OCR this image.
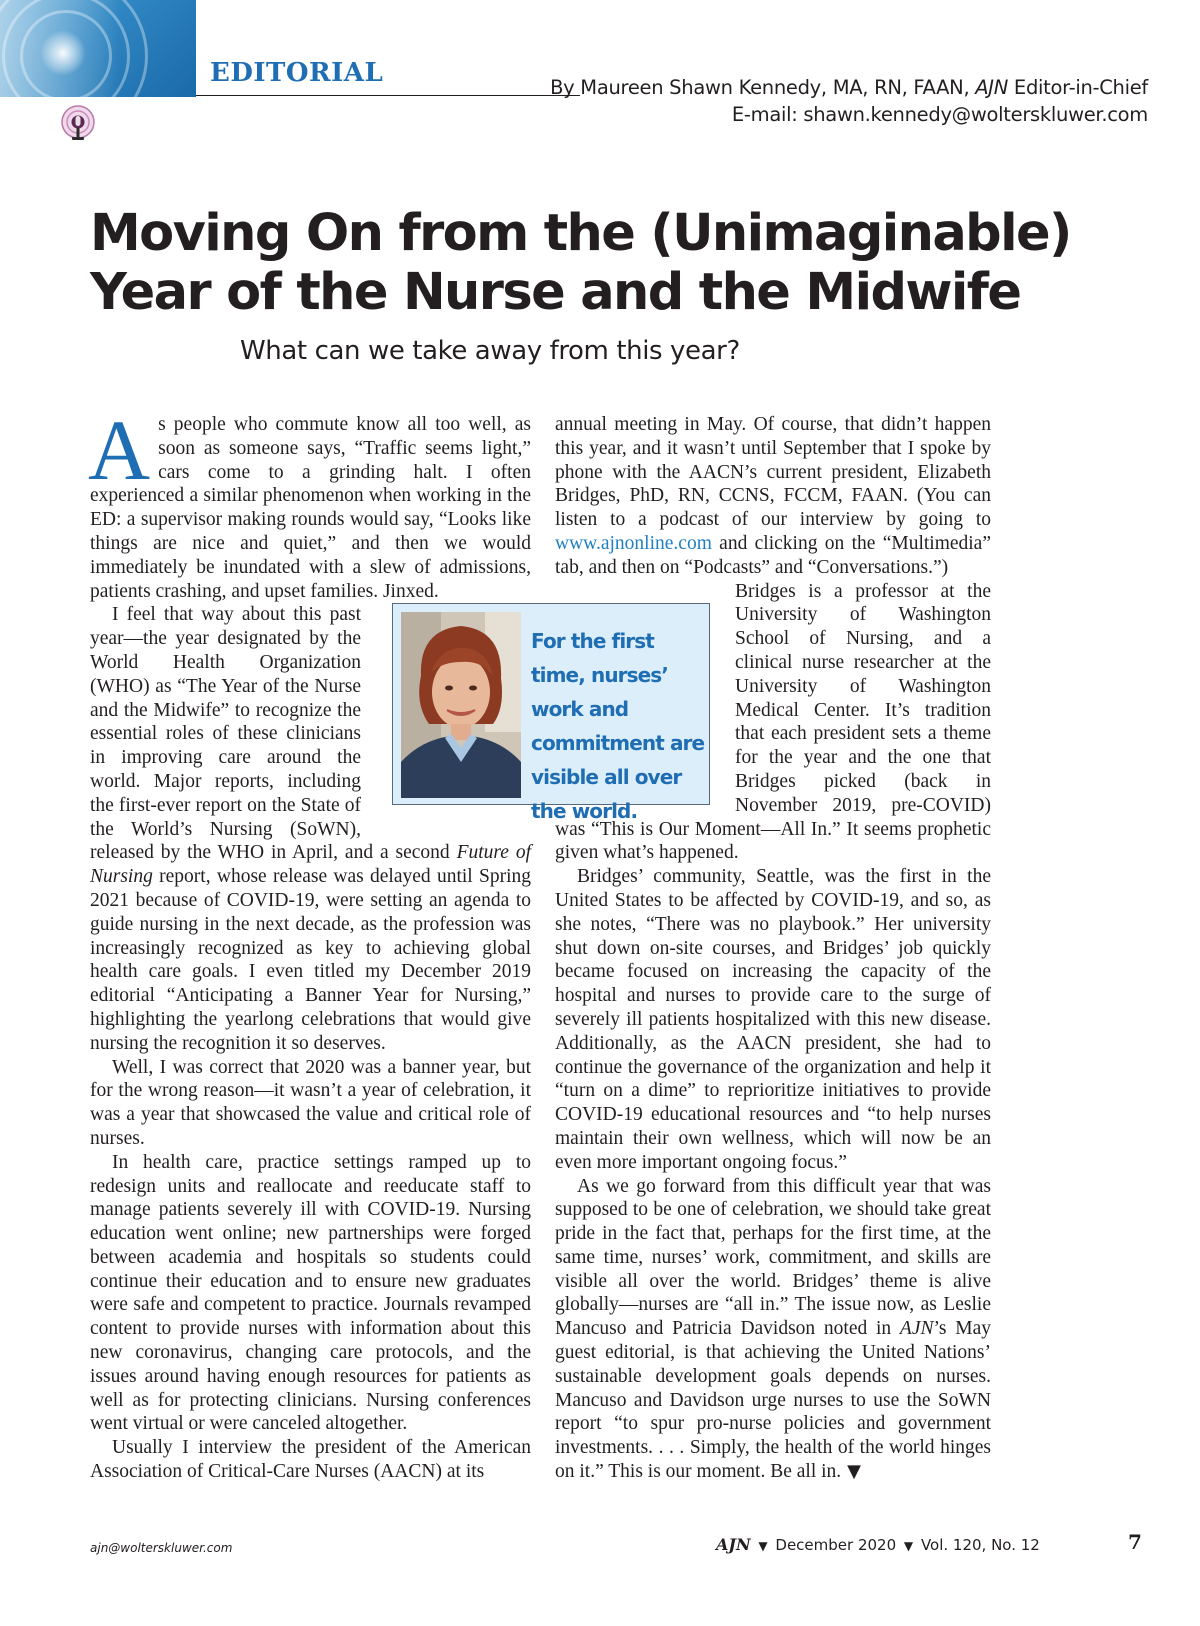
EDITORIAL	By Maureen Shawn Kennedy, MA, RN, FAAN, AJN Editor-in-Chief
E-mail: shawn.kennedy@wolterskluwer.com
Moving On from the (Unimaginable) Year of the Nurse and the Midwife
What can we take away from this year?

As people who commute know all too well, as soon as someone says, “Traffic seems light,” cars come to a grinding halt. I often experienced a similar phenomenon when working in the ED: a supervisor making rounds would say, “Looks like things are nice and quiet,” and then we would immediately be inundated with a slew of admissions, patients crashing, and upset families. Jinxed.

I feel that way about this past year—the year designated by the World Health Organization (WHO) as “The Year of the Nurse and the Midwife” to recognize the essential roles of these clinicians in improving care around the world. Major reports, including the first-ever report on the State of the World’s Nursing (SoWN), released by the WHO in April, and a second Future of Nursing report, whose release was delayed until Spring 2021 because of COVID-19, were setting an agenda to guide nursing in the next decade, as the profession was increasingly recognized as key to achieving global health care goals. I even titled my December 2019 editorial “Anticipating a Banner Year for Nursing,” highlighting the yearlong celebrations that would give nursing the recognition it so deserves.

Well, I was correct that 2020 was a banner year, but for the wrong reason—it wasn’t a year of celebration, it was a year that showcased the value and critical role of nurses.

In health care, practice settings ramped up to redesign units and reallocate and reeducate staff to manage patients severely ill with COVID-19. Nursing education went online; new partnerships were forged between academia and hospitals so students could continue their education and to ensure new graduates were safe and competent to practice. Journals revamped content to provide nurses with information about this new coronavirus, changing care protocols, and the issues around having enough resources for patients as well as for protecting clinicians. Nursing conferences went virtual or were canceled altogether.

Usually I interview the president of the American Association of Critical-Care Nurses (AACN) at its

annual meeting in May. Of course, that didn’t happen this year, and it wasn’t until September that I spoke by phone with the AACN’s current president, Elizabeth Bridges, PhD, RN, CCNS, FCCM, FAAN. (You can listen to a podcast of our interview by going to www.ajnonline.com and clicking on the “Multimedia” tab, and then on “Podcasts” and “Conversations.”)

Bridges is a professor at the University of Washington School of Nursing, and a clinical nurse researcher at the University of Washington Medical Center. It’s tradition that each president sets a theme for the year and the one that Bridges picked (back in November 2019, pre-COVID) was “This is Our Moment—All In.” It seems prophetic given what’s happened.

Bridges’ community, Seattle, was the first in the United States to be affected by COVID-19, and so, as she notes, “There was no playbook.” Her university shut down on-site courses, and Bridges’ job quickly became focused on increasing the capacity of the hospital and nurses to provide care to the surge of severely ill patients hospitalized with this new disease. Additionally, as the AACN president, she had to continue the governance of the organization and help it “turn on a dime” to reprioritize initiatives to provide COVID-19 educational resources and “to help nurses maintain their own wellness, which will now be an even more important ongoing focus.”

As we go forward from this difficult year that was supposed to be one of celebration, we should take great pride in the fact that, perhaps for the first time, at the same time, nurses’ work, commitment, and skills are visible all over the world. Bridges’ theme is alive globally—nurses are “all in.” The issue now, as Leslie Mancuso and Patricia Davidson noted in AJN’s May guest editorial, is that achieving the United Nations’ sustainable development goals depends on nurses. Mancuso and Davidson urge nurses to use the SoWN report “to spur pro-nurse policies and government investments. . . . Simply, the health of the world hinges on it.” This is our moment. Be all in. ▼

For the first time, nurses’ work and commitment are visible all over the world.

ajn@wolterskluwer.com	AJN ▼ December 2020 ▼ Vol. 120, No. 12	7
